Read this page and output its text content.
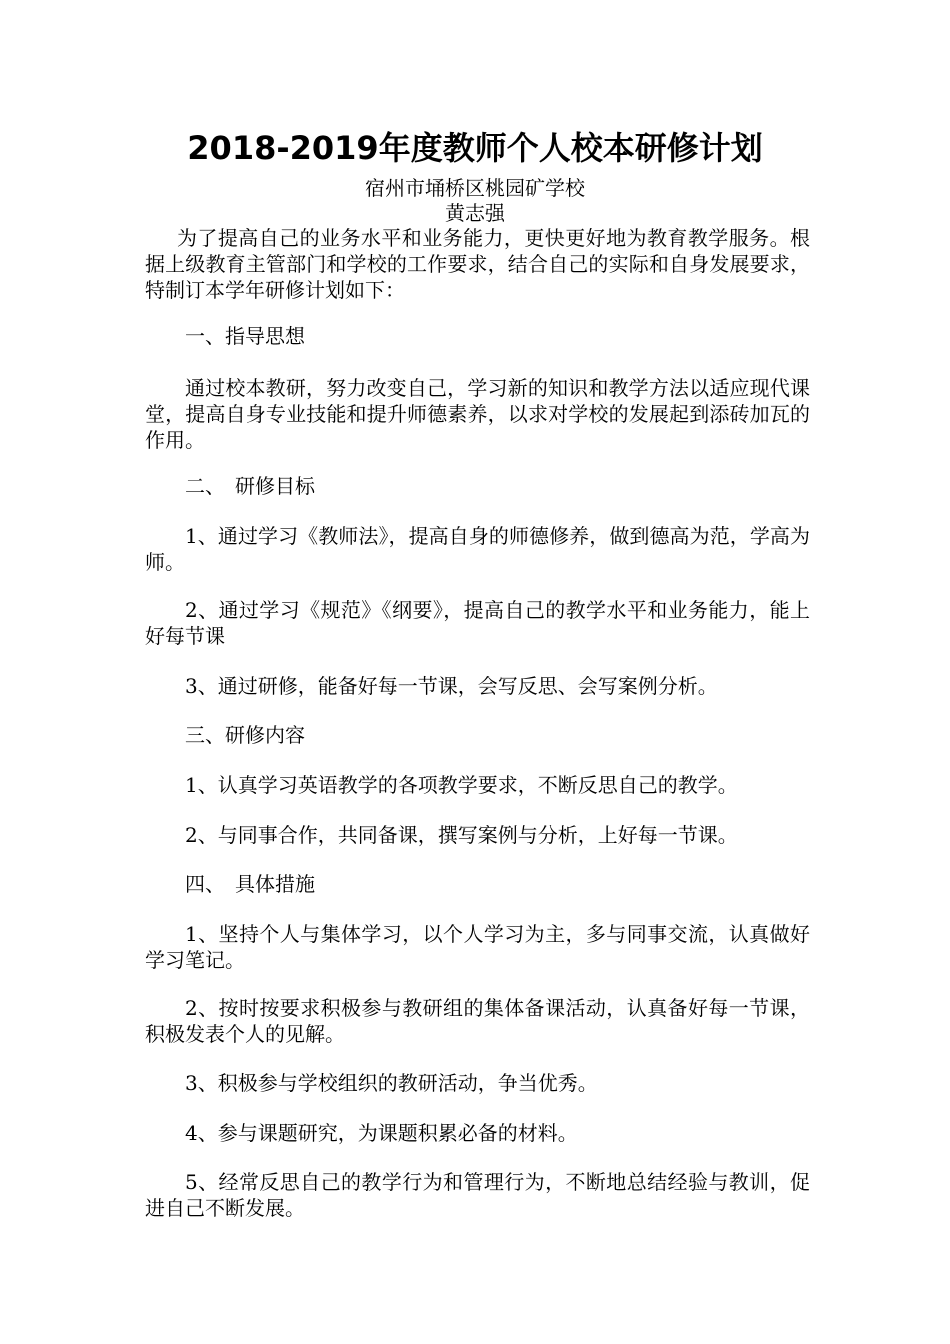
2018-2019年度教师个人校本研修计划
宿州市埇桥区桃园矿学校
黄志强

为了提高自己的业务水平和业务能力，更快更好地为教育教学服务。根据上级教育主管部门和学校的工作要求，结合自己的实际和自身发展要求，特制订本学年研修计划如下：

一、指导思想

通过校本教研，努力改变自己，学习新的知识和教学方法以适应现代课堂，提高自身专业技能和提升师德素养，以求对学校的发展起到添砖加瓦的作用。

二、　研修目标

1、通过学习《教师法》，提高自身的师德修养，做到德高为范，学高为师。

2、通过学习《规范》《纲要》，提高自己的教学水平和业务能力，能上好每节课

3、通过研修，能备好每一节课，会写反思、会写案例分析。

三、研修内容

1、认真学习英语教学的各项教学要求，不断反思自己的教学。

2、与同事合作，共同备课，撰写案例与分析，上好每一节课。

四、　具体措施

1、坚持个人与集体学习，以个人学习为主，多与同事交流，认真做好学习笔记。

2、按时按要求积极参与教研组的集体备课活动，认真备好每一节课，积极发表个人的见解。

3、积极参与学校组织的教研活动，争当优秀。

4、参与课题研究，为课题积累必备的材料。

5、经常反思自己的教学行为和管理行为，不断地总结经验与教训，促进自己不断发展。
